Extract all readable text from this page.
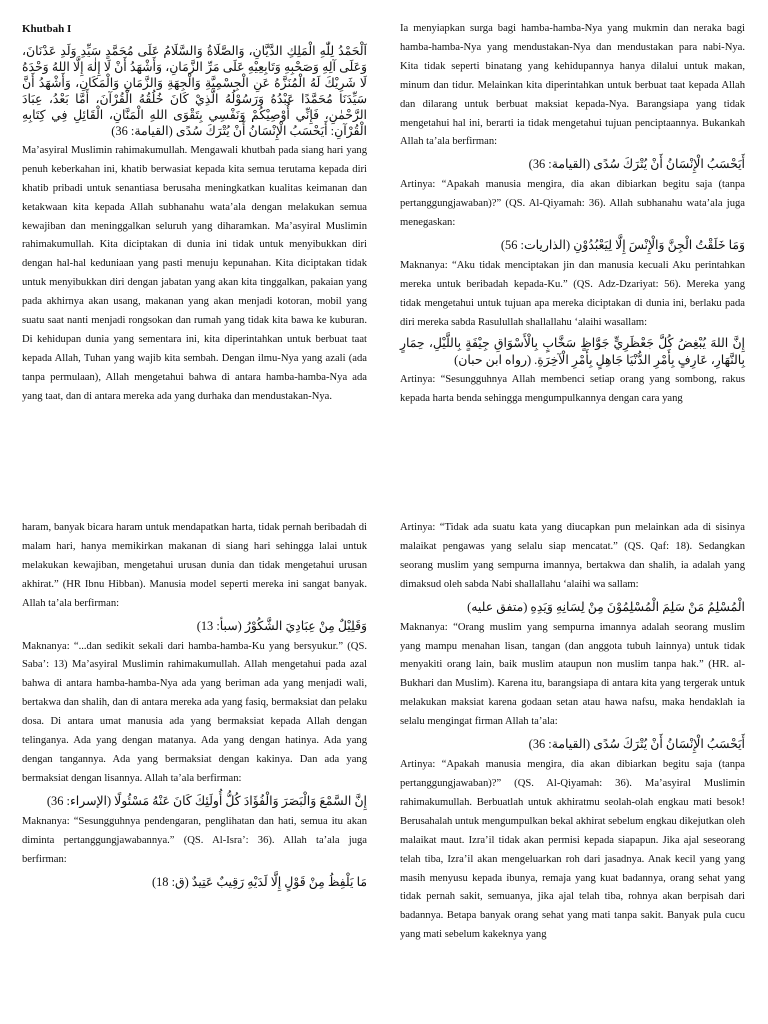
Khutbah I

اَلْحَمْدُ لِلّٰهِ الْمَلِكِ الدَّيَّانِ، وَالصَّلَاةُ وَالسَّلَامُ عَلَى مُحَمَّدٍ سَيِّدِ وَلَدِ عَدْنَانَ، وَعَلَى آلِهِ وَصَحْبِهِ وَتَابِعِيْهِ عَلَى مَرِّ الزَّمَانِ، وَأَشْهَدُ أَنْ لَا إِلٰهَ إِلَّا اللهُ وَحْدَهُ لَا شَرِيْكَ لَهُ الْمُنَزَّهُ عَنِ الْجِسْمِيَّةِ وَالْجِهَةِ وَالزَّمَانِ وَالْمَكَانِ، وَأَشْهَدُ أَنَّ سَيِّدَنَا مُحَمَّدًا عَبْدُهُ وَرَسُوْلُهُ الَّذِيْ كَانَ خُلُقُهُ الْقُرْآنَ، أَمَّا بَعْدُ، عِبَادَ الرَّحْمٰنِ، فَإِنِّي أُوْصِيْكُمْ وَنَفْسِي بِتَقْوَى اللهِ الْمَنَّانِ، الْقَائِلِ فِي كِتَابِهِ الْقُرْآنِ: أَيَحْسَبُ الْإِنْسَانُ أَنْ يُتْرَكَ سُدًى (القيامة: 36)

Ma’asyiral Muslimin rahimakumullah. Mengawali khutbah pada siang hari yang penuh keberkahan ini, khatib berwasiat kepada kita semua terutama kepada diri khatib pribadi untuk senantiasa berusaha meningkatkan kualitas keimanan dan ketakwaan kita kepada Allah subhanahu wata’ala dengan melakukan semua kewajiban dan meninggalkan seluruh yang diharamkan. Ma’asyiral Muslimin rahimakumullah. Kita diciptakan di dunia ini tidak untuk menyibukkan diri dengan hal-hal keduniaan yang pasti menuju kepunahan. Kita diciptakan tidak untuk menyibukkan diri dengan jabatan yang akan kita tinggalkan, pakaian yang pada akhirnya akan usang, makanan yang akan menjadi kotoran, mobil yang suatu saat nanti menjadi rongsokan dan rumah yang tidak kita bawa ke kuburan. Di kehidupan dunia yang sementara ini, kita diperintahkan untuk berbuat taat kepada Allah, Tuhan yang wajib kita sembah. Dengan ilmu-Nya yang azali (ada tanpa permulaan), Allah mengetahui bahwa di antara hamba-hamba-Nya ada yang taat, dan di antara mereka ada yang durhaka dan mendustakan-Nya.

Ia menyiapkan surga bagi hamba-hamba-Nya yang mukmin dan neraka bagi hamba-hamba-Nya yang mendustakan-Nya dan mendustakan para nabi-Nya. Kita tidak seperti binatang yang kehidupannya hanya dilalui untuk makan, minum dan tidur. Melainkan kita diperintahkan untuk berbuat taat kepada Allah dan dilarang untuk berbuat maksiat kepada-Nya. Barangsiapa yang tidak mengetahui hal ini, berarti ia tidak mengetahui tujuan penciptaannya. Bukankah Allah ta’ala berfirman:

أَيَحْسَبُ الْإِنْسَانُ أَنْ يُتْرَكَ سُدًى (القيامة: 36)

Artinya: “Apakah manusia mengira, dia akan dibiarkan begitu saja (tanpa pertanggungjawaban)?” (QS. Al-Qiyamah: 36). Allah subhanahu wata’ala juga menegaskan:

وَمَا خَلَقْتُ الْجِنَّ وَالْإِنْسَ إِلَّا لِيَعْبُدُوْنِ (الذاريات: 56)

Maknanya: “Aku tidak menciptakan jin dan manusia kecuali Aku perintahkan mereka untuk beribadah kepada-Ku.” (QS. Adz-Dzariyat: 56). Mereka yang tidak mengetahui untuk tujuan apa mereka diciptakan di dunia ini, berlaku pada diri mereka sabda Rasulullah shallallahu ‘alaihi wasallam:

إِنَّ اللهَ يُبْغِضُ كُلَّ جَعْظَرِيٍّ جَوَّاظٍ سَخَّابٍ بِالْأَسْوَاقِ جِيْفَةٍ بِاللَّيْلِ، حِمَارٍ بِالنَّهَارِ، عَارِفٍ بِأَمْرِ الدُّنْيَا جَاهِلٍ بِأَمْرِ الْآخِرَةِ. (رواه ابن حبان)

Artinya: “Sesungguhnya Allah membenci setiap orang yang sombong, rakus kepada harta benda sehingga mengumpulkannya dengan cara yang

haram, banyak bicara haram untuk mendapatkan harta, tidak pernah beribadah di malam hari, hanya memikirkan makanan di siang hari sehingga lalai untuk melakukan kewajiban, mengetahui urusan dunia dan tidak mengetahui urusan akhirat.” (HR Ibnu Hibban). Manusia model seperti mereka ini sangat banyak. Allah ta’ala berfirman:

وَقَلِيْلٌ مِنْ عِبَادِيَ الشَّكُوْرُ (سبأ: 13)

Maknanya: “...dan sedikit sekali dari hamba-hamba-Ku yang bersyukur.” (QS. Saba’: 13) Ma’asyiral Muslimin rahimakumullah. Allah mengetahui pada azal bahwa di antara hamba-hamba-Nya ada yang beriman ada yang menjadi wali, bertakwa dan shalih, dan di antara mereka ada yang fasiq, bermaksiat dan pelaku dosa. Di antara umat manusia ada yang bermaksiat kepada Allah dengan telinganya. Ada yang dengan matanya. Ada yang dengan hatinya. Ada yang dengan tangannya. Ada yang bermaksiat dengan kakinya. Dan ada yang bermaksiat dengan lisannya. Allah ta’ala berfirman:

إِنَّ السَّمْعَ وَالْبَصَرَ وَالْفُؤَادَ كُلُّ أُولَئِكَ كَانَ عَنْهُ مَسْئُولًا (الإسراء: 36)

Maknanya: “Sesungguhnya pendengaran, penglihatan dan hati, semua itu akan diminta pertanggungjawabannya.” (QS. Al-Isra’: 36). Allah ta’ala juga berfirman:

مَا يَلْفِظُ مِنْ قَوْلٍ إِلَّا لَدَيْهِ رَقِيبٌ عَتِيدٌ (ق: 18)

Artinya: “Tidak ada suatu kata yang diucapkan pun melainkan ada di sisinya malaikat pengawas yang selalu siap mencatat.” (QS. Qaf: 18). Sedangkan seorang muslim yang sempurna imannya, bertakwa dan shalih, ia adalah yang dimaksud oleh sabda Nabi shallallahu ‘alaihi wa sallam:

الْمُسْلِمُ مَنْ سَلِمَ الْمُسْلِمُوْنَ مِنْ لِسَانِهِ وَيَدِهِ (متفق عليه)

Maknanya: “Orang muslim yang sempurna imannya adalah seorang muslim yang mampu menahan lisan, tangan (dan anggota tubuh lainnya) untuk tidak menyakiti orang lain, baik muslim ataupun non muslim tanpa hak.” (HR. al-Bukhari dan Muslim). Karena itu, barangsiapa di antara kita yang tergerak untuk melakukan maksiat karena godaan setan atau hawa nafsu, maka hendaklah ia selalu mengingat firman Allah ta’ala:

أَيَحْسَبُ الْإِنْسَانُ أَنْ يُتْرَكَ سُدًى (القيامة: 36)

Artinya: “Apakah manusia mengira, dia akan dibiarkan begitu saja (tanpa pertanggungjawaban)?” (QS. Al-Qiyamah: 36). Ma’asyiral Muslimin rahimakumullah. Berbuatlah untuk akhiratmu seolah-olah engkau mati besok! Berusahalah untuk mengumpulkan bekal akhirat sebelum engkau dikejutkan oleh malaikat maut. Izra’il tidak akan permisi kepada siapapun. Jika ajal seseorang telah tiba, Izra’il akan mengeluarkan roh dari jasadnya. Anak kecil yang yang masih menyusu kepada ibunya, remaja yang kuat badannya, orang sehat yang tidak pernah sakit, semuanya, jika ajal telah tiba, rohnya akan berpisah dari badannya. Betapa banyak orang sehat yang mati tanpa sakit. Banyak pula cucu yang mati sebelum kakeknya yang
